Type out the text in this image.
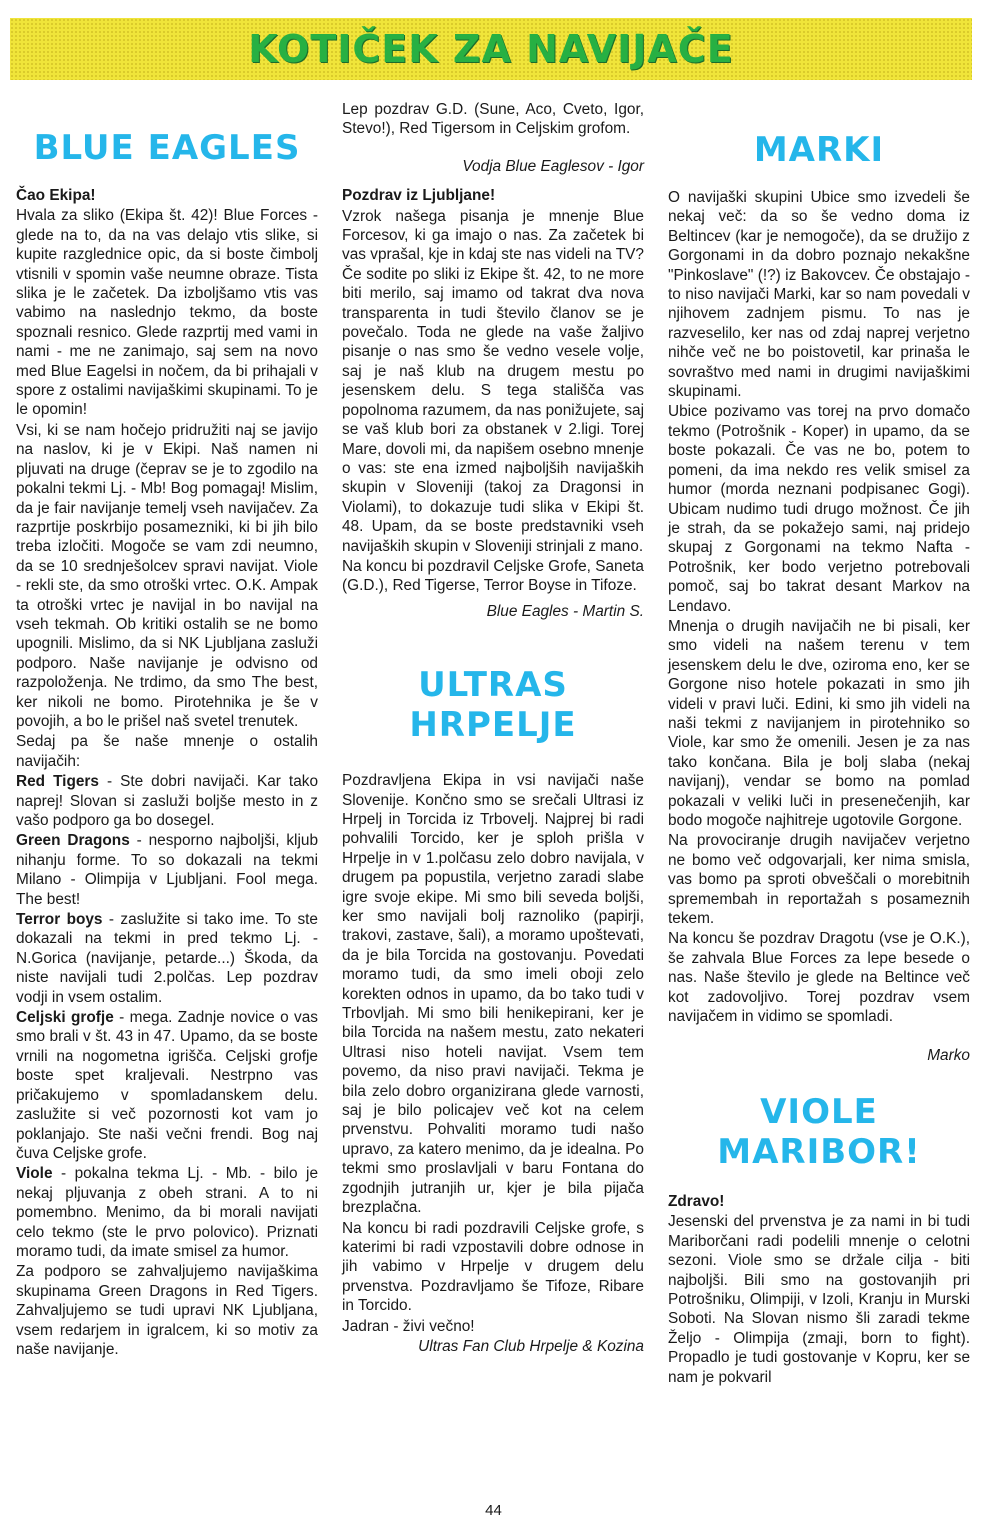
KOTIČEK ZA NAVIJAČE
BLUE EAGLES

Čao Ekipa!

Hvala za sliko (Ekipa št. 42)! Blue Forces - glede na to, da na vas delajo vtis slike, si kupite razglednice opic, da si boste čimbolj vtisnili v spomin vaše neumne obraze. Tista slika je le začetek. Da izboljšamo vtis vas vabimo na naslednjo tekmo, da boste spoznali resnico. Glede razprtij med vami in nami - me ne zanimajo, saj sem na novo med Blue Eagelsi in nočem, da bi prihajali v spore z ostalimi navijaškimi skupinami. To je le opomin!

Vsi, ki se nam hočejo pridružiti naj se javijo na naslov, ki je v Ekipi. Naš namen ni pljuvati na druge (čeprav se je to zgodilo na pokalni tekmi Lj. - Mb! Bog pomagaj! Mislim, da je fair navijanje temelj vseh navijačev. Za razprtije poskrbijo posamezniki, ki bi jih bilo treba izločiti. Mogoče se vam zdi neumno, da se 10 srednješolcev spravi navijat. Viole - rekli ste, da smo otroški vrtec. O.K. Ampak ta otroški vrtec je navijal in bo navijal na vseh tekmah. Ob kritiki ostalih se ne bomo upognili. Mislimo, da si NK Ljubljana zasluži podporo. Naše navijanje je odvisno od razpoloženja. Ne trdimo, da smo The best, ker nikoli ne bomo. Pirotehnika je še v povojih, a bo le prišel naš svetel trenutek.

Sedaj pa še naše mnenje o ostalih navijačih:

Red Tigers - Ste dobri navijači. Kar tako naprej! Slovan si zasluži boljše mesto in z vašo podporo ga bo dosegel.

Green Dragons - nesporno najboljši, kljub nihanju forme. To so dokazali na tekmi Milano - Olimpija v Ljubljani. Fool mega. The best!

Terror boys - zaslužite si tako ime. To ste dokazali na tekmi in pred tekmo Lj. - N.Gorica (navijanje, petarde...) Škoda, da niste navijali tudi 2.polčas. Lep pozdrav vodji in vsem ostalim.

Celjski grofje - mega. Zadnje novice o vas smo brali v št. 43 in 47. Upamo, da se boste vrnili na nogometna igrišča. Celjski grofje boste spet kraljevali. Nestrpno vas pričakujemo v spomladanskem delu. zaslužite si več pozornosti kot vam jo poklanjajo. Ste naši večni frendi. Bog naj čuva Celjske grofe.

Viole - pokalna tekma Lj. - Mb. - bilo je nekaj pljuvanja z obeh strani. A to ni pomembno. Menimo, da bi morali navijati celo tekmo (ste le prvo polovico). Priznati moramo tudi, da imate smisel za humor.

Za podporo se zahvaljujemo navijaškima skupinama Green Dragons in Red Tigers. Zahvaljujemo se tudi upravi NK Ljubljana, vsem redarjem in igralcem, ki so motiv za naše navijanje.

Lep pozdrav G.D. (Sune, Aco, Cveto, Igor, Stevo!), Red Tigersom in Celjskim grofom.

Vodja Blue Eaglesov - Igor

Pozdrav iz Ljubljane!

Vzrok našega pisanja je mnenje Blue Forcesov, ki ga imajo o nas. Za začetek bi vas vprašal, kje in kdaj ste nas videli na TV? Če sodite po sliki iz Ekipe št. 42, to ne more biti merilo, saj imamo od takrat dva nova transparenta in tudi število članov se je povečalo. Toda ne glede na vaše žaljivo pisanje o nas smo še vedno vesele volje, saj je naš klub na drugem mestu po jesenskem delu. S tega stališča vas popolnoma razumem, da nas ponižujete, saj se vaš klub bori za obstanek v 2.ligi. Torej Mare, dovoli mi, da napišem osebno mnenje o vas: ste ena izmed najboljših navijaških skupin v Sloveniji (takoj za Dragonsi in Violami), to dokazuje tudi slika v Ekipi št. 48. Upam, da se boste predstavniki vseh navijaških skupin v Sloveniji strinjali z mano.

Na koncu bi pozdravil Celjske Grofe, Saneta (G.D.), Red Tigerse, Terror Boyse in Tifoze.

Blue Eagles - Martin S.

ULTRAS
HRPELJE

Pozdravljena Ekipa in vsi navijači naše Slovenije. Končno smo se srečali Ultrasi iz Hrpelj in Torcida iz Trbovelj. Najprej bi radi pohvalili Torcido, ker je sploh prišla v Hrpelje in v 1.polčasu zelo dobro navijala, v drugem pa popustila, verjetno zaradi slabe igre svoje ekipe. Mi smo bili seveda boljši, ker smo navijali bolj raznoliko (papirji, trakovi, zastave, šali), a moramo upoštevati, da je bila Torcida na gostovanju. Povedati moramo tudi, da smo imeli oboji zelo korekten odnos in upamo, da bo tako tudi v Trbovljah. Mi smo bili henikepirani, ker je bila Torcida na našem mestu, zato nekateri Ultrasi niso hoteli navijat. Vsem tem povemo, da niso pravi navijači. Tekma je bila zelo dobro organizirana glede varnosti, saj je bilo policajev več kot na celem prvenstvu. Pohvaliti moramo tudi našo upravo, za katero menimo, da je idealna. Po tekmi smo proslavljali v baru Fontana do zgodnjih jutranjih ur, kjer je bila pijača brezplačna.

Na koncu bi radi pozdravili Celjske grofe, s katerimi bi radi vzpostavili dobre odnose in jih vabimo v Hrpelje v drugem delu prvenstva. Pozdravljamo še Tifoze, Ribare in Torcido.

Jadran - živi večno!

Ultras Fan Club Hrpelje & Kozina

MARKI

O navijaški skupini Ubice smo izvedeli še nekaj več: da so še vedno doma iz Beltincev (kar je nemogoče), da se družijo z Gorgonami in da dobro poznajo nekakšne "Pinkoslave" (!?) iz Bakovcev. Če obstajajo - to niso navijači Marki, kar so nam povedali v njihovem zadnjem pismu. To nas je razveselilo, ker nas od zdaj naprej verjetno nihče več ne bo poistovetil, kar prinaša le sovraštvo med nami in drugimi navijaškimi skupinami.

Ubice pozivamo vas torej na prvo domačo tekmo (Potrošnik - Koper) in upamo, da se boste pokazali. Če vas ne bo, potem to pomeni, da ima nekdo res velik smisel za humor (morda neznani podpisanec Gogi). Ubicam nudimo tudi drugo možnost. Če jih je strah, da se pokažejo sami, naj pridejo skupaj z Gorgonami na tekmo Nafta - Potrošnik, ker bodo verjetno potrebovali pomoč, saj bo takrat desant Markov na Lendavo.

Mnenja o drugih navijačih ne bi pisali, ker smo videli na našem terenu v tem jesenskem delu le dve, oziroma eno, ker se Gorgone niso hotele pokazati in smo jih videli v pravi luči. Edini, ki smo jih videli na naši tekmi z navijanjem in pirotehniko so Viole, kar smo že omenili. Jesen je za nas tako končana. Bila je bolj slaba (nekaj navijanj), vendar se bomo na pomlad pokazali v veliki luči in presenečenjih, kar bodo mogoče najhitreje ugotovile Gorgone.

Na provociranje drugih navijačev verjetno ne bomo več odgovarjali, ker nima smisla, vas bomo pa sproti obveščali o morebitnih spremembah in reportažah s posameznih tekem.

Na koncu še pozdrav Dragotu (vse je O.K.), še zahvala Blue Forces za lepe besede o nas. Naše število je glede na Beltince več kot zadovoljivo. Torej pozdrav vsem navijačem in vidimo se spomladi.

Marko

VIOLE
MARIBOR!

Zdravo!

Jesenski del prvenstva je za nami in bi tudi Mariborčani radi podelili mnenje o celotni sezoni. Viole smo se držale cilja - biti najboljši. Bili smo na gostovanjih pri Potrošniku, Olimpiji, v Izoli, Kranju in Murski Soboti. Na Slovan nismo šli zaradi tekme Željo - Olimpija (zmaji, born to fight). Propadlo je tudi gostovanje v Kopru, ker se nam je pokvaril

44
